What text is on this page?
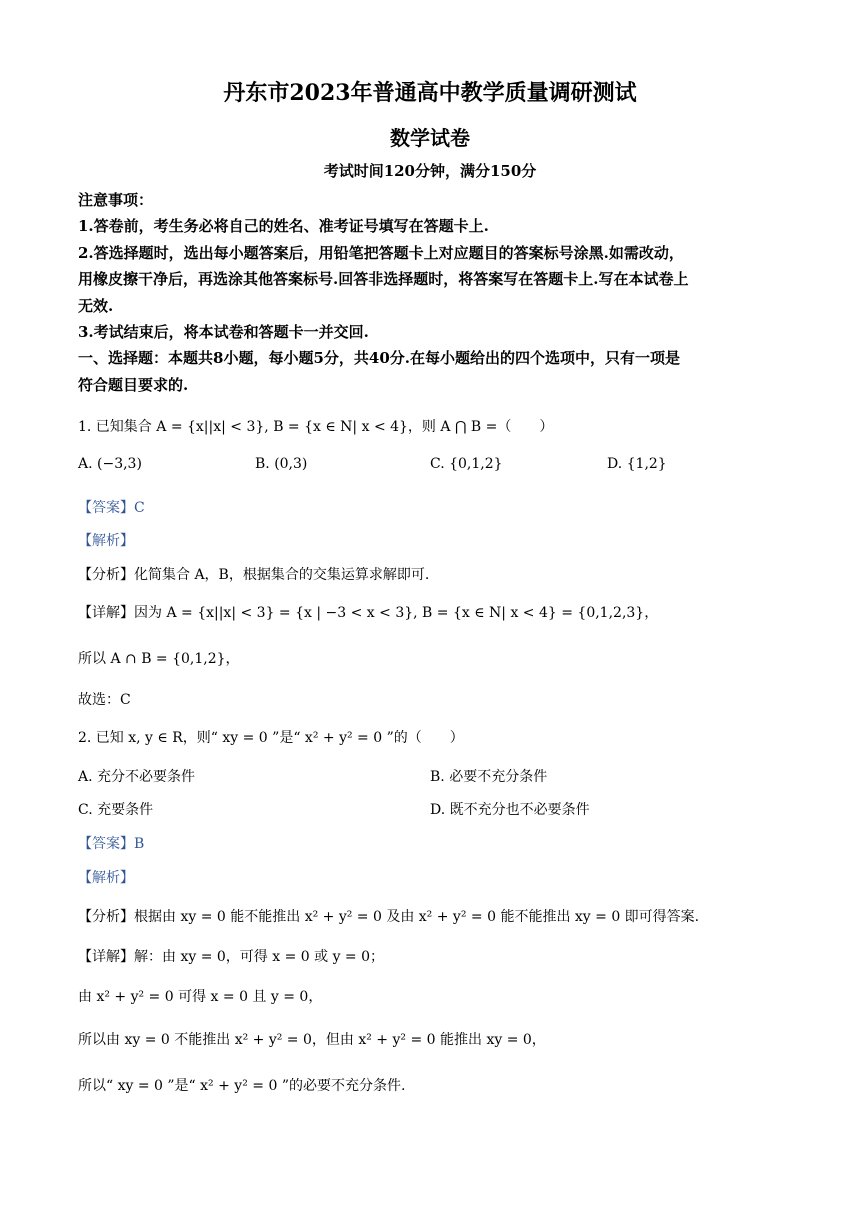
丹东市2023年普通高中教学质量调研测试
数学试卷
考试时间120分钟，满分150分
注意事项：
1.答卷前，考生务必将自己的姓名、准考证号填写在答题卡上.
2.答选择题时，选出每小题答案后，用铅笔把答题卡上对应题目的答案标号涂黑.如需改动，
用橡皮擦干净后，再选涂其他答案标号.回答非选择题时，将答案写在答题卡上.写在本试卷上
无效.
3.考试结束后，将本试卷和答题卡一并交回.
一、选择题：本题共8小题，每小题5分，共40分.在每小题给出的四个选项中，只有一项是
符合题目要求的.
1. 已知集合 A = {x||x| < 3}, B = {x ∈ N| x < 4}，则 A ⋂ B =（　　）
A. (−3,3)	B. (0,3)	C. {0,1,2}	D. {1,2}
【答案】C
【解析】
【分析】化简集合 A，B，根据集合的交集运算求解即可.
【详解】因为 A = {x||x| < 3} = {x | −3 < x < 3}, B = {x ∈ N| x < 4} = {0,1,2,3}，
所以 A ∩ B = {0,1,2}，
故选：C
2. 已知 x, y ∈ R，则“ xy = 0 ”是“ x² + y² = 0 ”的（　　）
A. 充分不必要条件	B. 必要不充分条件
C. 充要条件	D. 既不充分也不必要条件
【答案】B
【解析】
【分析】根据由 xy = 0 能不能推出 x² + y² = 0 及由 x² + y² = 0 能不能推出 xy = 0 即可得答案.
【详解】解：由 xy = 0，可得 x = 0 或 y = 0；
由 x² + y² = 0 可得 x = 0 且 y = 0，
所以由 xy = 0 不能推出 x² + y² = 0，但由 x² + y² = 0 能推出 xy = 0，
所以“ xy = 0 ”是“ x² + y² = 0 ”的必要不充分条件.
